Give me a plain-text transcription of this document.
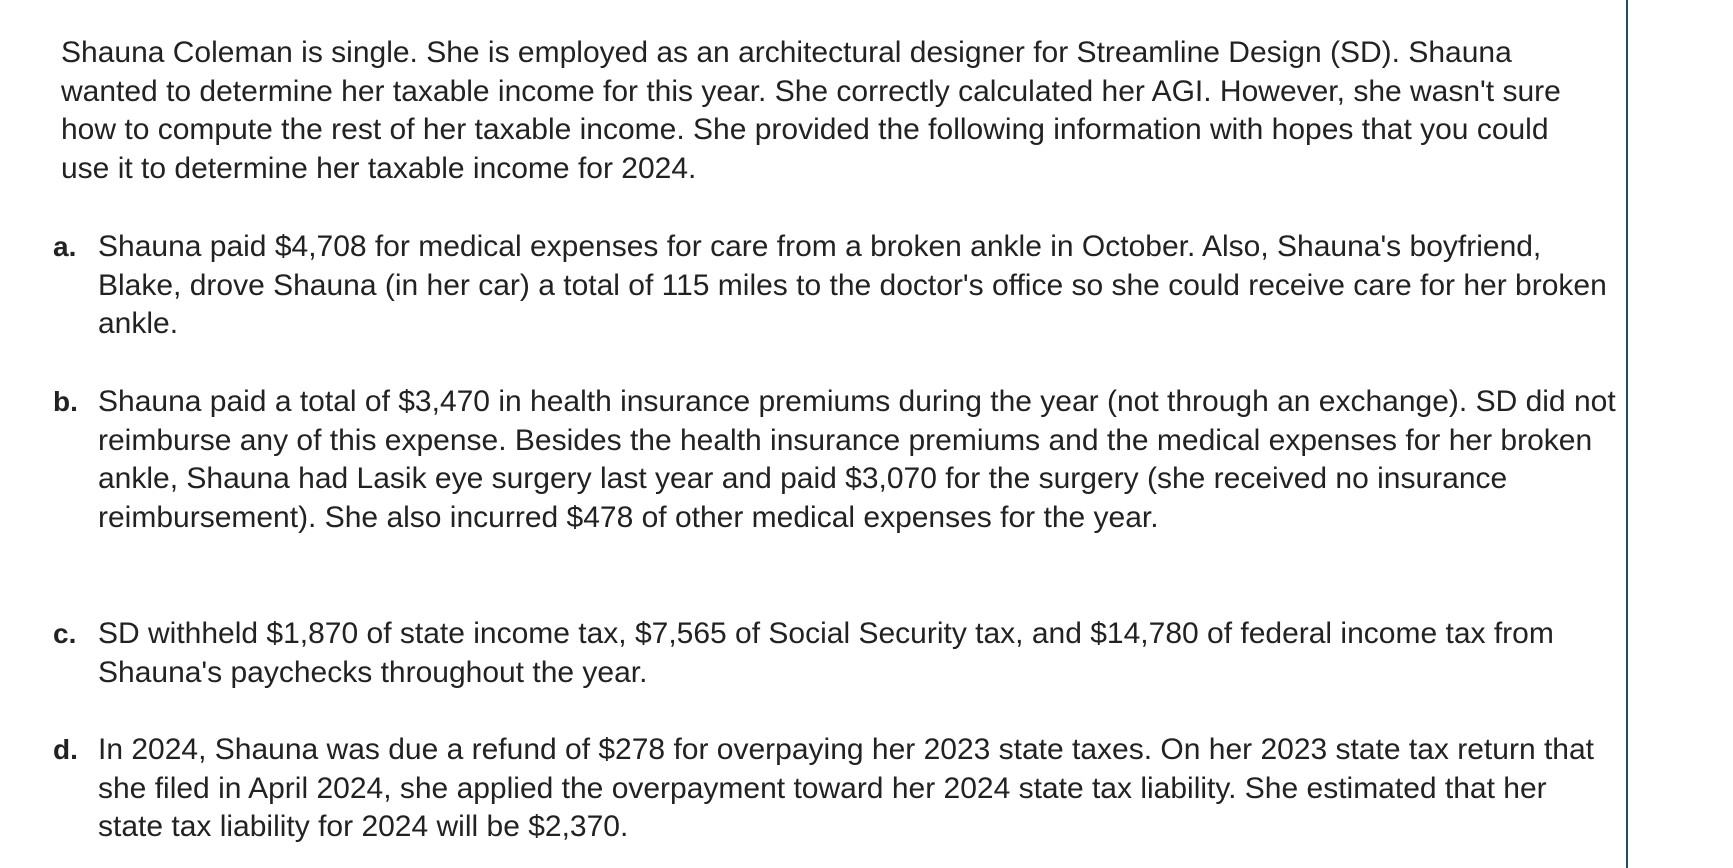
Shauna Coleman is single. She is employed as an architectural designer for Streamline Design (SD). Shauna wanted to determine her taxable income for this year. She correctly calculated her AGI. However, she wasn't sure how to compute the rest of her taxable income. She provided the following information with hopes that you could use it to determine her taxable income for 2024.

a. Shauna paid $4,708 for medical expenses for care from a broken ankle in October. Also, Shauna's boyfriend, Blake, drove Shauna (in her car) a total of 115 miles to the doctor's office so she could receive care for her broken ankle.

b. Shauna paid a total of $3,470 in health insurance premiums during the year (not through an exchange). SD did not reimburse any of this expense. Besides the health insurance premiums and the medical expenses for her broken ankle, Shauna had Lasik eye surgery last year and paid $3,070 for the surgery (she received no insurance reimbursement). She also incurred $478 of other medical expenses for the year.

c. SD withheld $1,870 of state income tax, $7,565 of Social Security tax, and $14,780 of federal income tax from Shauna's paychecks throughout the year.

d. In 2024, Shauna was due a refund of $278 for overpaying her 2023 state taxes. On her 2023 state tax return that she filed in April 2024, she applied the overpayment toward her 2024 state tax liability. She estimated that her state tax liability for 2024 will be $2,370.
